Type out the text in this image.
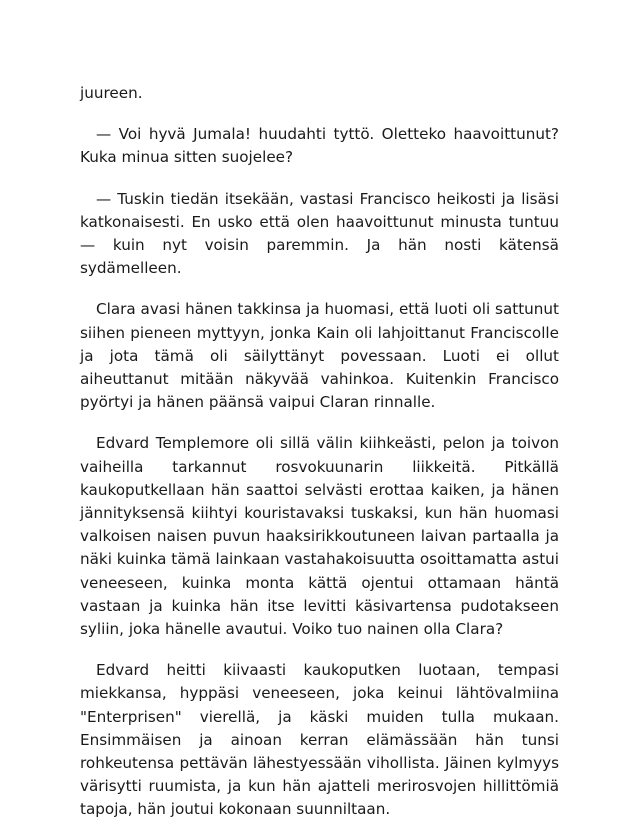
juureen.

— Voi hyvä Jumala! huudahti tyttö. Oletteko haavoittunut? Kuka minua sitten suojelee?

— Tuskin tiedän itsekään, vastasi Francisco heikosti ja lisäsi katkonaisesti. En usko että olen haavoittunut minusta tuntuu — kuin nyt voisin paremmin. Ja hän nosti kätensä sydämelleen.

Clara avasi hänen takkinsa ja huomasi, että luoti oli sattunut siihen pieneen myttyyn, jonka Kain oli lahjoittanut Franciscolle ja jota tämä oli säilyttänyt povessaan. Luoti ei ollut aiheuttanut mitään näkyvää vahinkoa. Kuitenkin Francisco pyörtyi ja hänen päänsä vaipui Claran rinnalle.

Edvard Templemore oli sillä välin kiihkeästi, pelon ja toivon vaiheilla tarkannut rosvokuunarin liikkeitä. Pitkällä kaukoputkellaan hän saattoi selvästi erottaa kaiken, ja hänen jännityksensä kiihtyi kouristavaksi tuskaksi, kun hän huomasi valkoisen naisen puvun haaksirikkoutuneen laivan partaalla ja näki kuinka tämä lainkaan vastahakoisuutta osoittamatta astui veneeseen, kuinka monta kättä ojentui ottamaan häntä vastaan ja kuinka hän itse levitti käsivartensa pudotakseen syliin, joka hänelle avautui. Voiko tuo nainen olla Clara?

Edvard heitti kiivaasti kaukoputken luotaan, tempasi miekkansa, hyppäsi veneeseen, joka keinui lähtövalmiina "Enterprisen" vierellä, ja käski muiden tulla mukaan. Ensimmäisen ja ainoan kerran elämässään hän tunsi rohkeutensa pettävän lähestyessään vihollista. Jäinen kylmyys värisytti ruumista, ja kun hän ajatteli merirosvojen hillittömiä tapoja, hän joutui kokonaan suunniltaan.
